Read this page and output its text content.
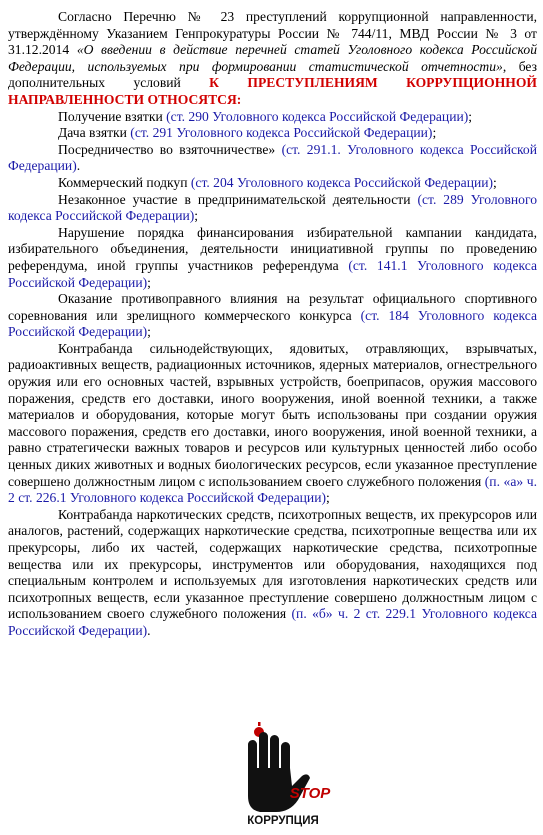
Согласно Перечню № 23 преступлений коррупционной направленности, утверждённому Указанием Генпрокуратуры России № 744/11, МВД России № 3 от 31.12.2014 «О введении в действие перечней статей Уголовного кодекса Российской Федерации, используемых при формировании статистической отчетности», без дополнительных условий К ПРЕСТУПЛЕНИЯМ КОРРУПЦИОННОЙ НАПРАВЛЕННОСТИ ОТНОСЯТСЯ:

Получение взятки (ст. 290 Уголовного кодекса Российской Федерации);

Дача взятки (ст. 291 Уголовного кодекса Российской Федерации);

Посредничество во взяточничестве» (ст. 291.1. Уголовного кодекса Российской Федерации).

Коммерческий подкуп (ст. 204 Уголовного кодекса Российской Федерации);

Незаконное участие в предпринимательской деятельности (ст. 289 Уголовного кодекса Российской Федерации);

Нарушение порядка финансирования избирательной кампании кандидата, избирательного объединения, деятельности инициативной группы по проведению референдума, иной группы участников референдума (ст. 141.1 Уголовного кодекса Российской Федерации);

Оказание противоправного влияния на результат официального спортивного соревнования или зрелищного коммерческого конкурса (ст. 184 Уголовного кодекса Российской Федерации);

Контрабанда сильнодействующих, ядовитых, отравляющих, взрывчатых, радиоактивных веществ, радиационных источников, ядерных материалов, огнестрельного оружия или его основных частей, взрывных устройств, боеприпасов, оружия массового поражения, средств его доставки, иного вооружения, иной военной техники, а также материалов и оборудования, которые могут быть использованы при создании оружия массового поражения, средств его доставки, иного вооружения, иной военной техники, а равно стратегически важных товаров и ресурсов или культурных ценностей либо особо ценных диких животных и водных биологических ресурсов, если указанное преступление совершено должностным лицом с использованием своего служебного положения (п. «а» ч. 2 ст. 226.1 Уголовного кодекса Российской Федерации);

Контрабанда наркотических средств, психотропных веществ, их прекурсоров или аналогов, растений, содержащих наркотические средства, психотропные вещества или их прекурсоры, либо их частей, содержащих наркотические средства, психотропные вещества или их прекурсоры, инструментов или оборудования, находящихся под специальным контролем и используемых для изготовления наркотических средств или психотропных веществ, если указанное преступление совершено должностным лицом с использованием своего служебного положения (п. «б» ч. 2 ст. 229.1 Уголовного кодекса Российской Федерации).

STOP
КОРРУПЦИЯ
